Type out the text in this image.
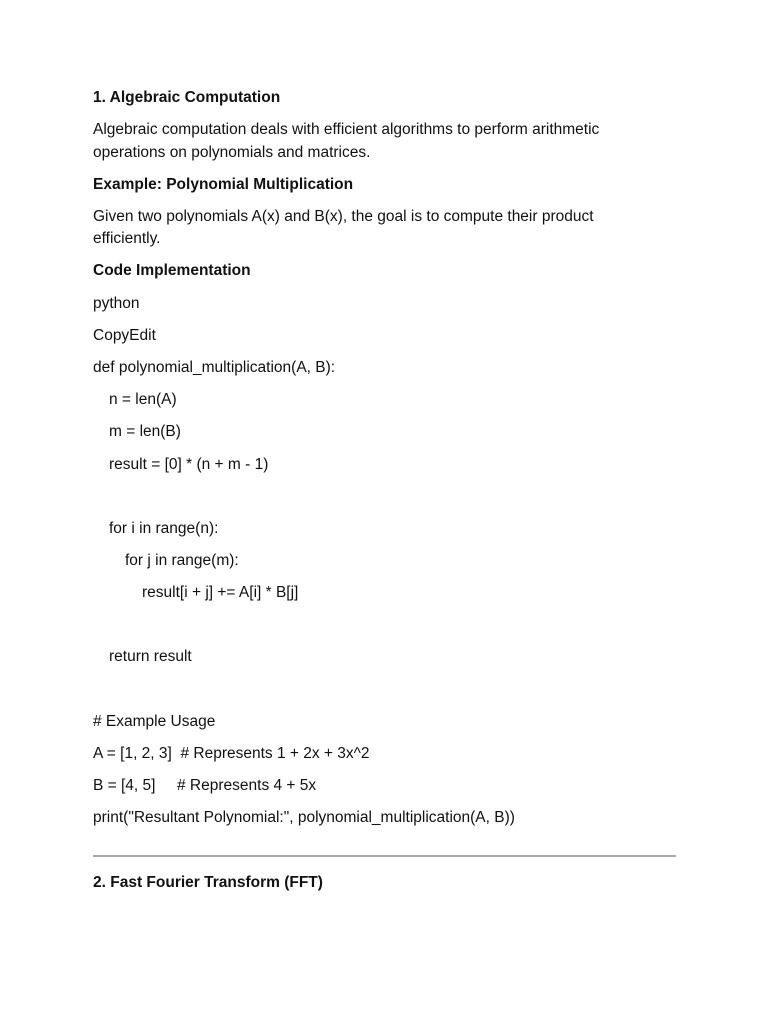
1. Algebraic Computation
Algebraic computation deals with efficient algorithms to perform arithmetic
operations on polynomials and matrices.
Example: Polynomial Multiplication
Given two polynomials A(x) and B(x), the goal is to compute their product
efficiently.
Code Implementation
python
CopyEdit
def polynomial_multiplication(A, B):
n = len(A)
m = len(B)
result = [0] * (n + m - 1)
for i in range(n):
for j in range(m):
result[i + j] += A[i] * B[j]
return result
# Example Usage
A = [1, 2, 3]  # Represents 1 + 2x + 3x^2
B = [4, 5]     # Represents 4 + 5x
print("Resultant Polynomial:", polynomial_multiplication(A, B))
2. Fast Fourier Transform (FFT)
